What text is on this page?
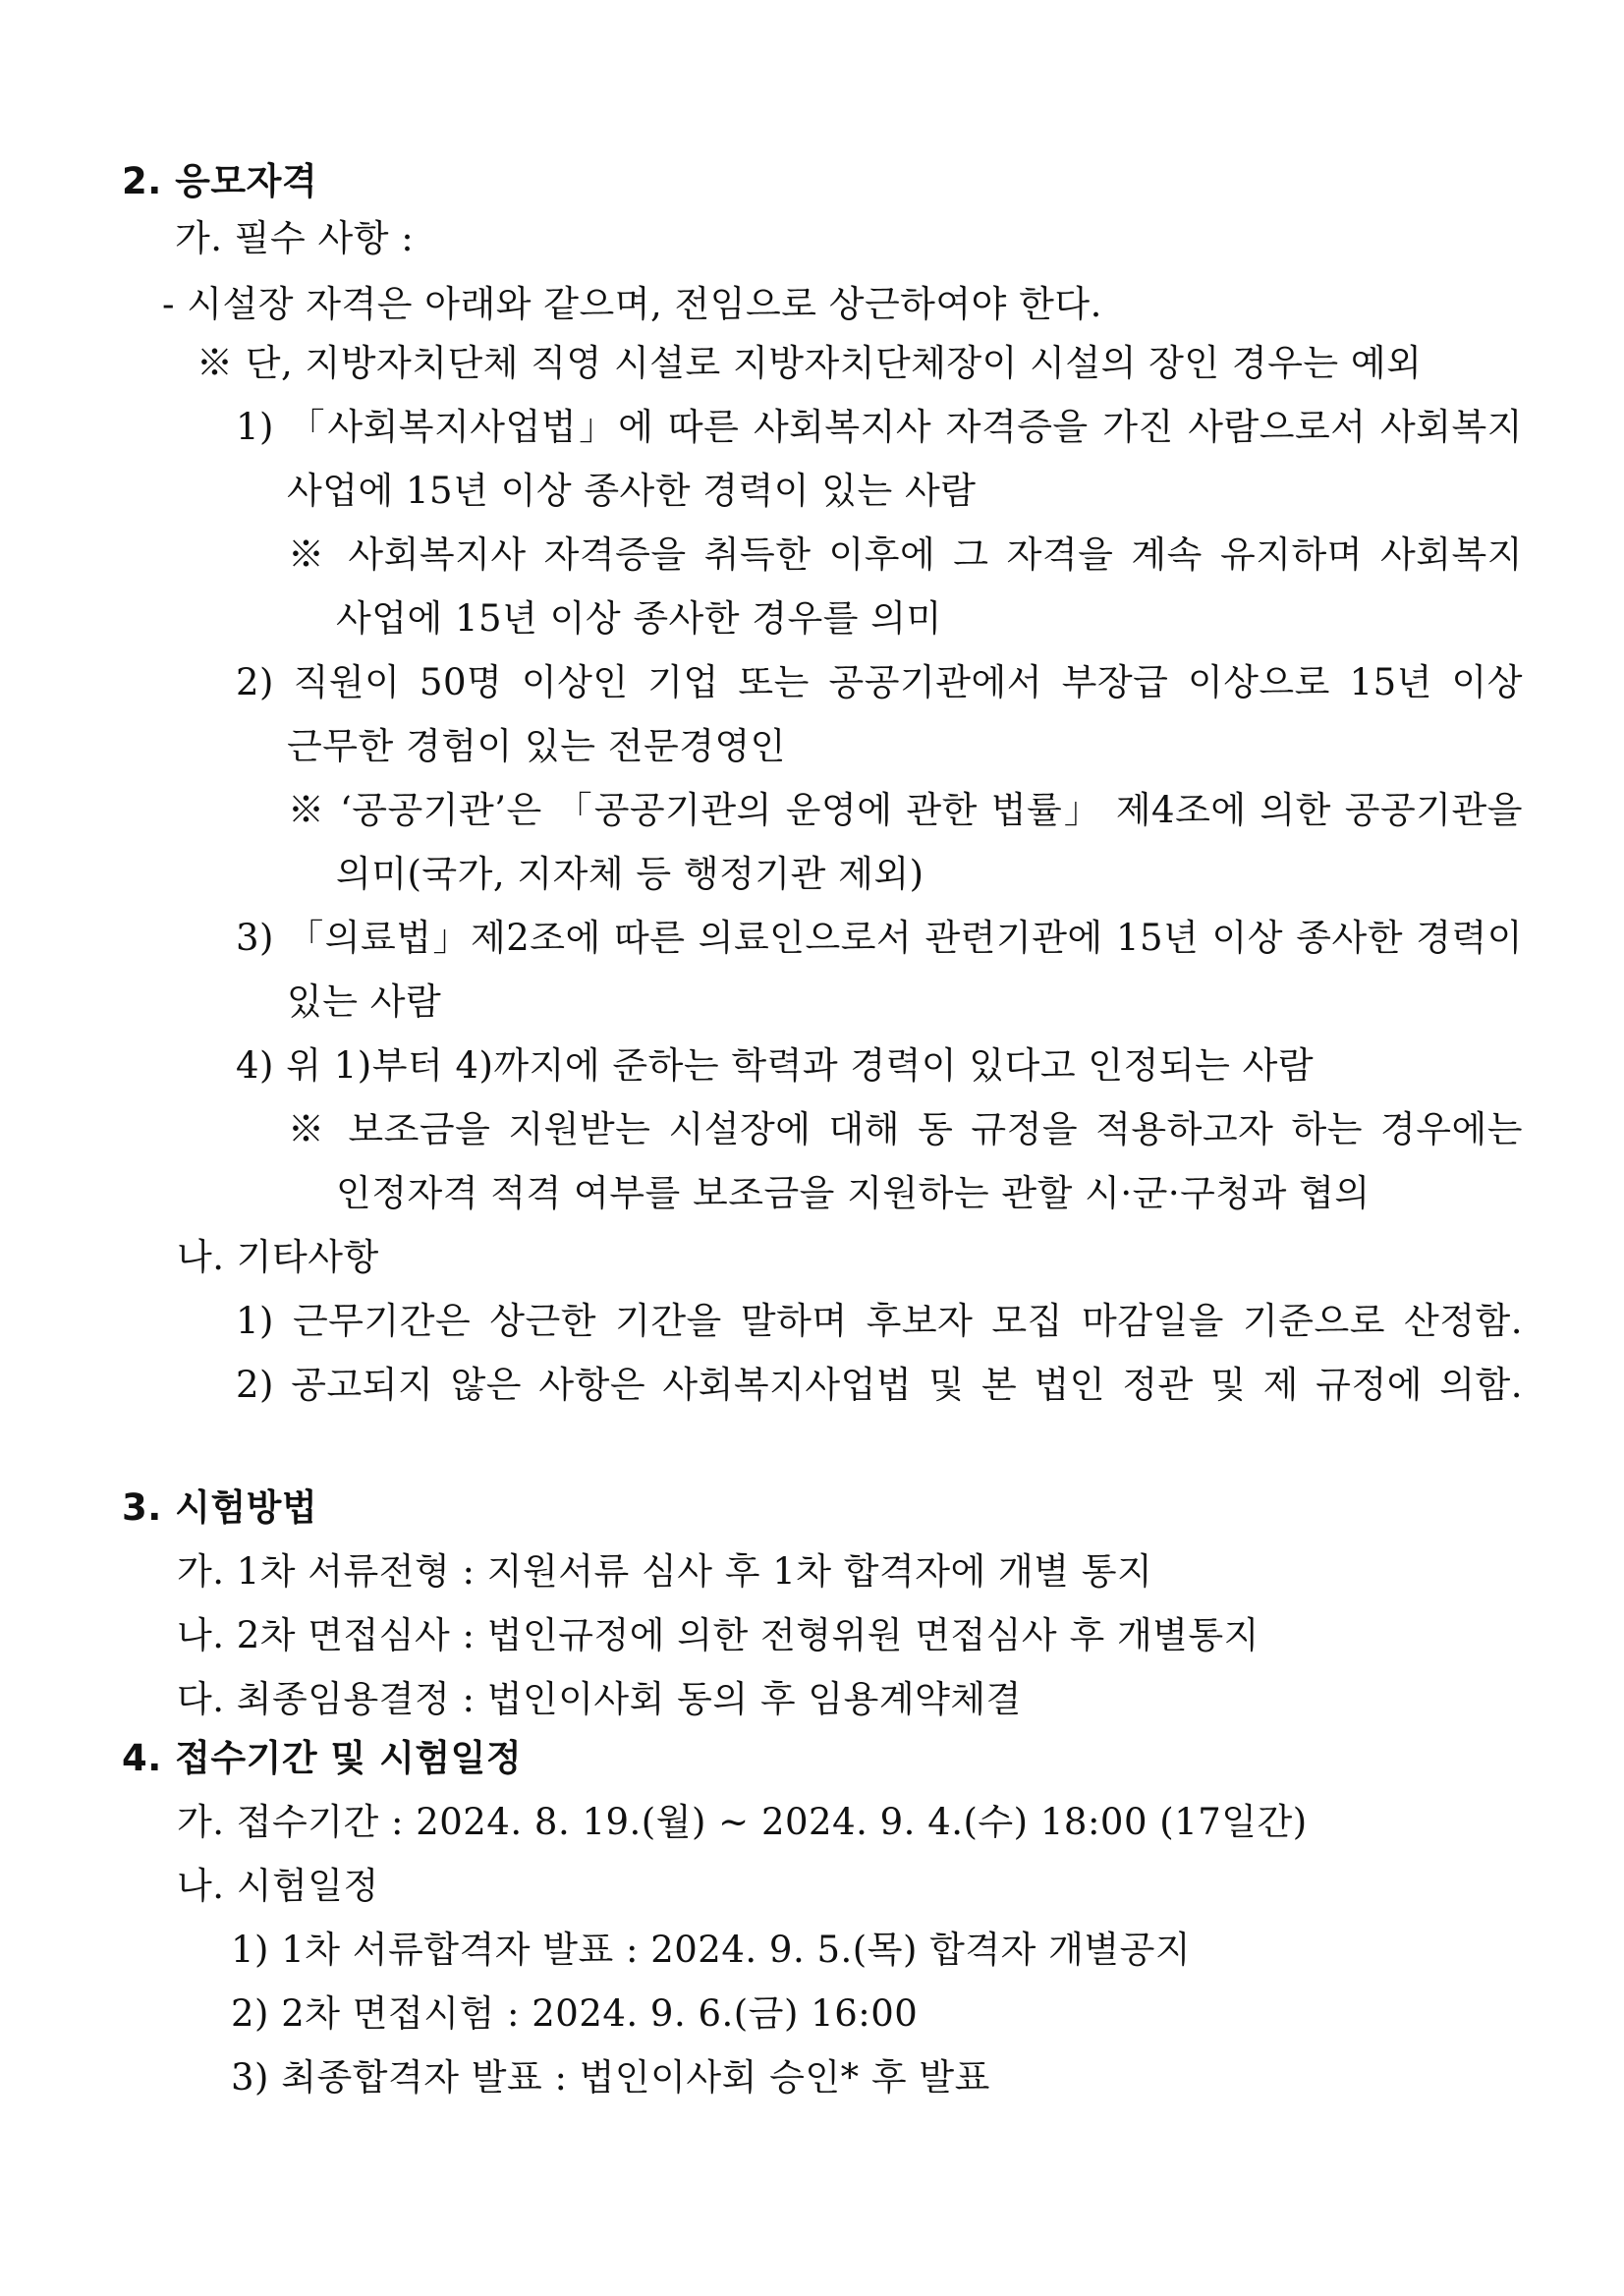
2. 응모자격
가. 필수 사항 :
- 시설장 자격은 아래와 같으며, 전임으로 상근하여야 한다.
※ 단, 지방자치단체 직영 시설로 지방자치단체장이 시설의 장인 경우는 예외
1) 「사회복지사업법」에 따른 사회복지사 자격증을 가진 사람으로서 사회복지
사업에 15년 이상 종사한 경력이 있는 사람
※ 사회복지사 자격증을 취득한 이후에 그 자격을 계속 유지하며 사회복지
사업에 15년 이상 종사한 경우를 의미
2) 직원이 50명 이상인 기업 또는 공공기관에서 부장급 이상으로 15년 이상
근무한 경험이 있는 전문경영인
※ ‘공공기관’은 「공공기관의 운영에 관한 법률」 제4조에 의한 공공기관을
의미(국가, 지자체 등 행정기관 제외)
3) 「의료법」제2조에 따른 의료인으로서 관련기관에 15년 이상 종사한 경력이
있는 사람
4) 위 1)부터 4)까지에 준하는 학력과 경력이 있다고 인정되는 사람
※ 보조금을 지원받는 시설장에 대해 동 규정을 적용하고자 하는 경우에는
인정자격 적격 여부를 보조금을 지원하는 관할 시·군·구청과 협의
나. 기타사항
1) 근무기간은 상근한 기간을 말하며 후보자 모집 마감일을 기준으로 산정함.
2) 공고되지 않은 사항은 사회복지사업법 및 본 법인 정관 및 제 규정에 의함.
3. 시험방법
가. 1차 서류전형 : 지원서류 심사 후 1차 합격자에 개별 통지
나. 2차 면접심사 : 법인규정에 의한 전형위원 면접심사 후 개별통지
다. 최종임용결정 : 법인이사회 동의 후 임용계약체결
4. 접수기간 및 시험일정
가. 접수기간 : 2024. 8. 19.(월) ~ 2024. 9. 4.(수) 18:00 (17일간)
나. 시험일정
1) 1차 서류합격자 발표 : 2024. 9. 5.(목) 합격자 개별공지
2) 2차 면접시험 : 2024. 9. 6.(금) 16:00
3) 최종합격자 발표 : 법인이사회 승인* 후 발표
